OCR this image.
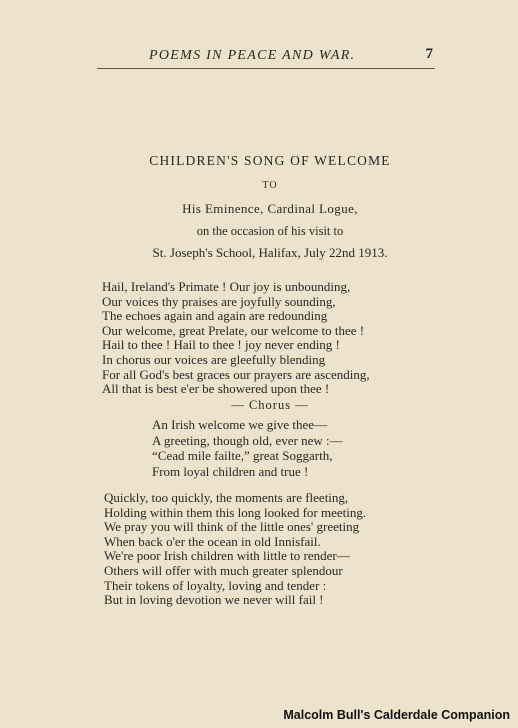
POEMS IN PEACE AND WAR.	7
CHILDREN'S SONG OF WELCOME
TO
His Eminence, Cardinal Logue,
on the occasion of his visit to
St. Joseph's School, Halifax, July 22nd 1913.
Hail, Ireland's Primate ! Our joy is unbounding,
Our voices thy praises are joyfully sounding,
The echoes again and again are redounding
Our welcome, great Prelate, our welcome to thee !
Hail to thee ! Hail to thee ! joy never ending !
In chorus our voices are gleefully blending
For all God's best graces our prayers are ascending,
All that is best e'er be showered upon thee !
— Chorus —
An Irish welcome we give thee—
A greeting, though old, ever new :—
“Cead mile failte,” great Soggarth,
From loyal children and true !
Quickly, too quickly, the moments are fleeting,
Holding within them this long looked for meeting.
We pray you will think of the little ones' greeting
When back o'er the ocean in old Innisfail.
We're poor Irish children with little to render—
Others will offer with much greater splendour
Their tokens of loyalty, loving and tender :
But in loving devotion we never will fail !
Malcolm Bull's Calderdale Companion
